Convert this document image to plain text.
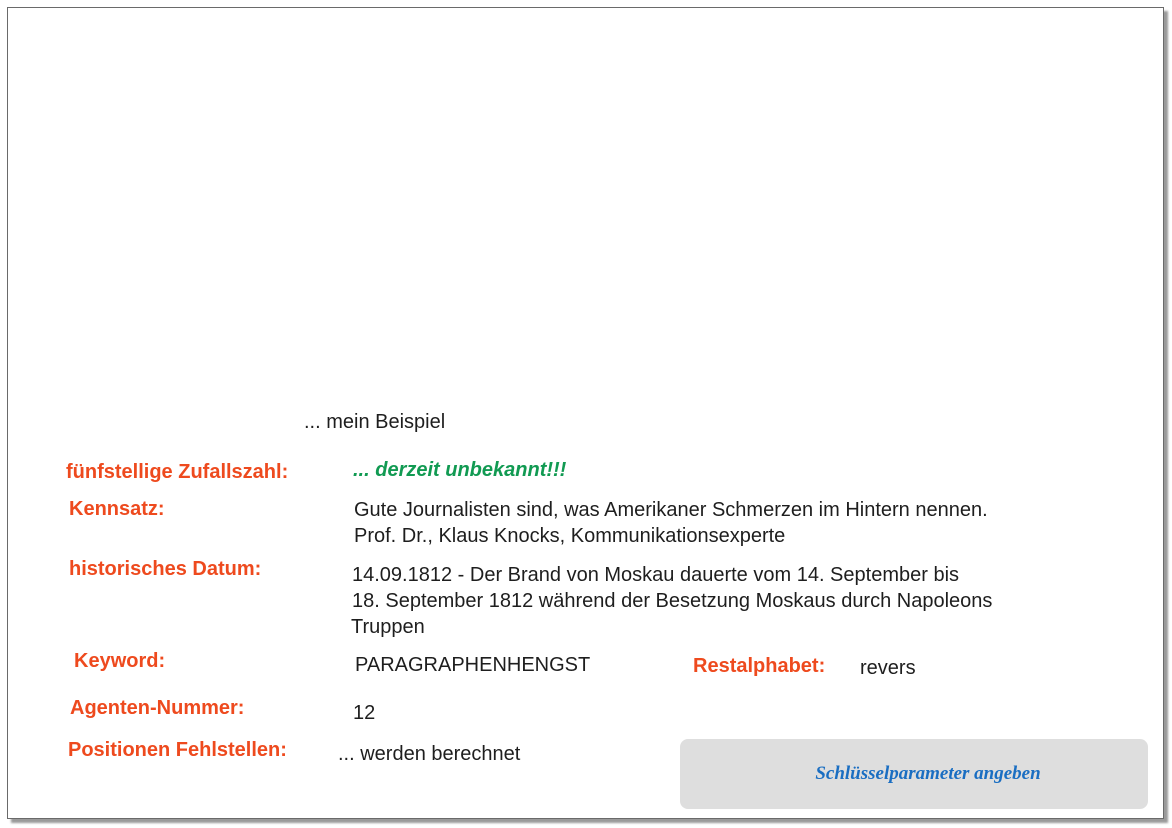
... mein Beispiel
fünfstellige Zufallszahl:	... derzeit unbekannt!!!
Kennsatz:	Gute Journalisten sind, was Amerikaner Schmerzen im Hintern nennen.
Prof. Dr., Klaus Knocks, Kommunikationsexperte
historisches Datum:	14.09.1812 - Der Brand von Moskau dauerte vom 14. September bis
18. September 1812 während der Besetzung Moskaus durch Napoleons
Truppen
Keyword:	PARAGRAPHENHENGST	Restalphabet: revers
Agenten-Nummer:	12
Positionen Fehlstellen:	... werden berechnet
Schlüsselparameter angeben
